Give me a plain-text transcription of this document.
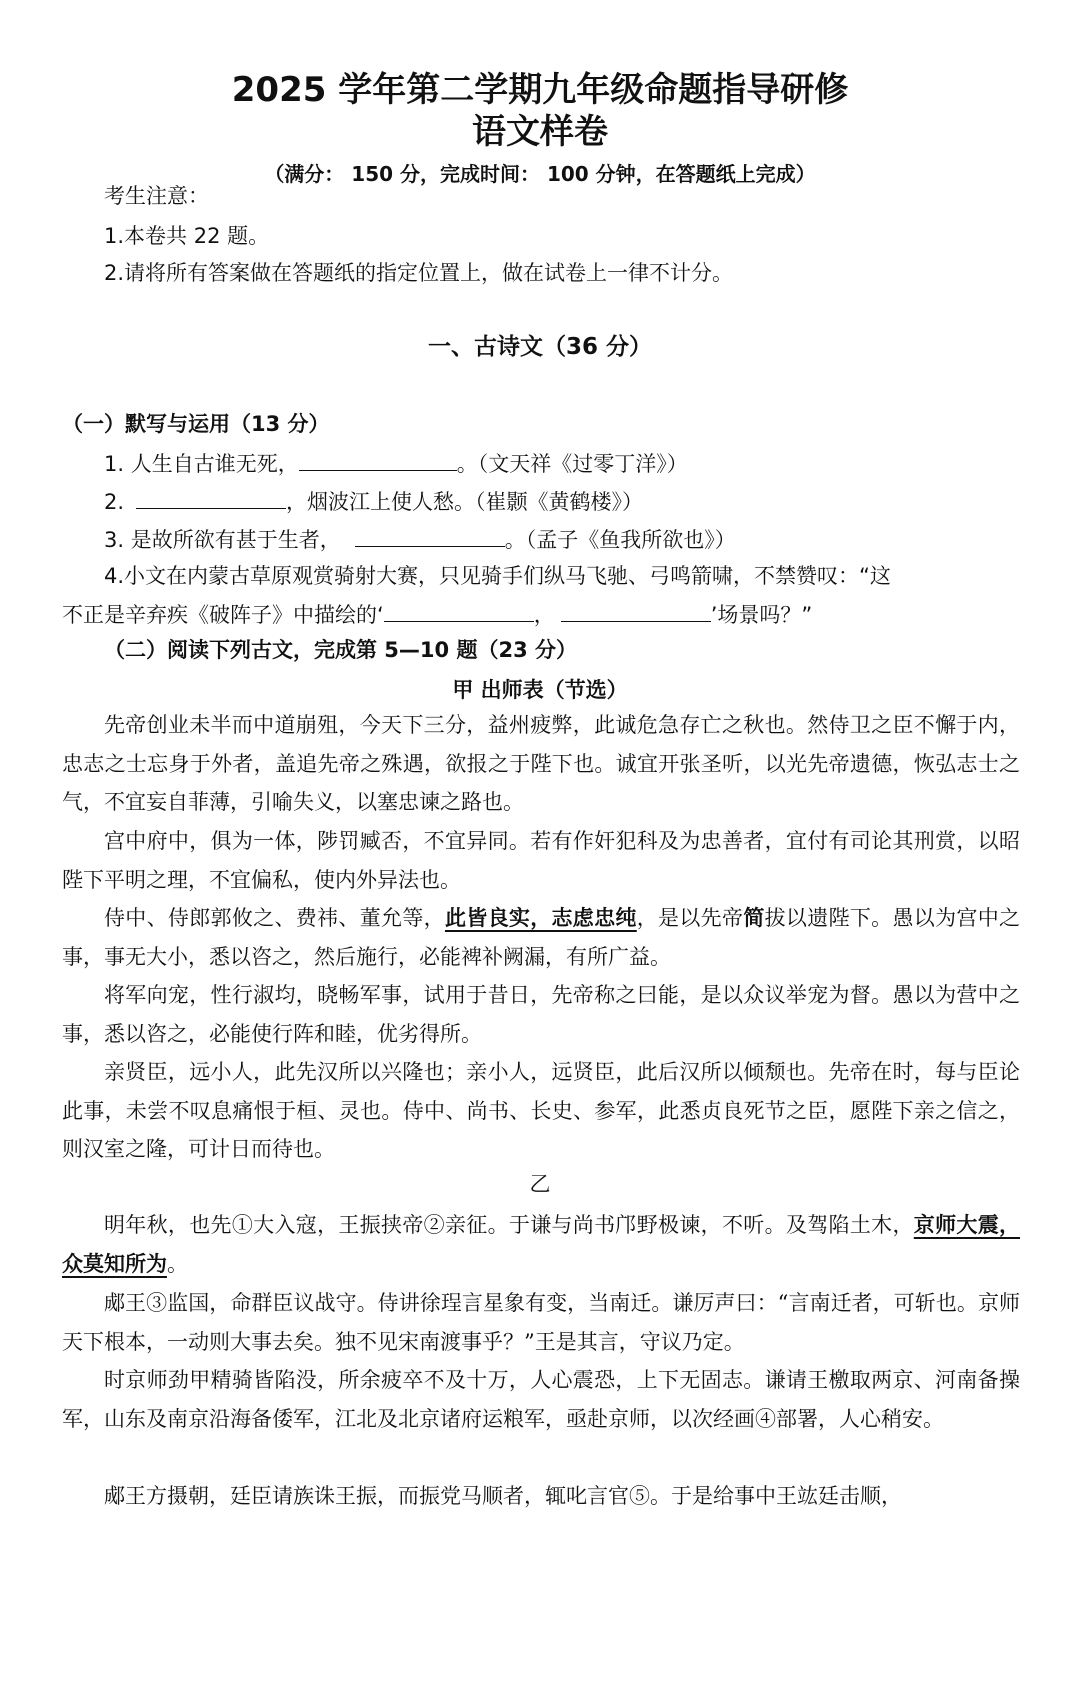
2025 学年第二学期九年级命题指导研修
语文样卷
（满分： 150 分，完成时间： 100 分钟，在答题纸上完成）
考生注意：
1.本卷共 22 题。
2.请将所有答案做在答题纸的指定位置上，做在试卷上一律不计分。
一、古诗文（36 分）
（一）默写与运用（13 分）
1. 人生自古谁无死，	。（文天祥《过零丁洋》）
2.	，烟波江上使人愁。（崔颢《黄鹤楼》）
3. 是故所欲有甚于生者，	。（孟子《鱼我所欲也》）
4.小文在内蒙古草原观赏骑射大赛，只见骑手们纵马飞驰、弓鸣箭啸，不禁赞叹：“这
不正是辛弃疾《破阵子》中描绘的‘	，	’场景吗？”
（二）阅读下列古文，完成第 5—10 题（23 分）
甲 出师表（节选）
先帝创业未半而中道崩殂，今天下三分，益州疲弊，此诚危急存亡之秋也。然侍卫之臣不懈于内，忠志之士忘身于外者，盖追先帝之殊遇，欲报之于陛下也。诚宜开张圣听，以光先帝遗德，恢弘志士之气，不宜妄自菲薄，引喻失义，以塞忠谏之路也。
宫中府中，俱为一体，陟罚臧否，不宜异同。若有作奸犯科及为忠善者，宜付有司论其刑赏，以昭陛下平明之理，不宜偏私，使内外异法也。
侍中、侍郎郭攸之、费祎、董允等，此皆良实，志虑忠纯，是以先帝简拔以遗陛下。愚以为宫中之事，事无大小，悉以咨之，然后施行，必能裨补阙漏，有所广益。
将军向宠，性行淑均，晓畅军事，试用于昔日，先帝称之曰能，是以众议举宠为督。愚以为营中之事，悉以咨之，必能使行阵和睦，优劣得所。
亲贤臣，远小人，此先汉所以兴隆也；亲小人，远贤臣，此后汉所以倾颓也。先帝在时，每与臣论此事，未尝不叹息痛恨于桓、灵也。侍中、尚书、长史、参军，此悉贞良死节之臣，愿陛下亲之信之，则汉室之隆，可计日而待也。
乙
明年秋，也先①大入寇，王振挟帝②亲征。于谦与尚书邝野极谏，不听。及驾陷土木，京师大震，众莫知所为。
郕王③监国，命群臣议战守。侍讲徐珵言星象有变，当南迁。谦厉声曰：“言南迁者，可斩也。京师天下根本，一动则大事去矣。独不见宋南渡事乎？”王是其言，守议乃定。
时京师劲甲精骑皆陷没，所余疲卒不及十万，人心震恐，上下无固志。谦请王檄取两京、河南备操军，山东及南京沿海备倭军，江北及北京诸府运粮军，亟赴京师，以次经画④部署，人心稍安。
郕王方摄朝，廷臣请族诛王振，而振党马顺者，辄叱言官⑤。于是给事中王竑廷击顺，
